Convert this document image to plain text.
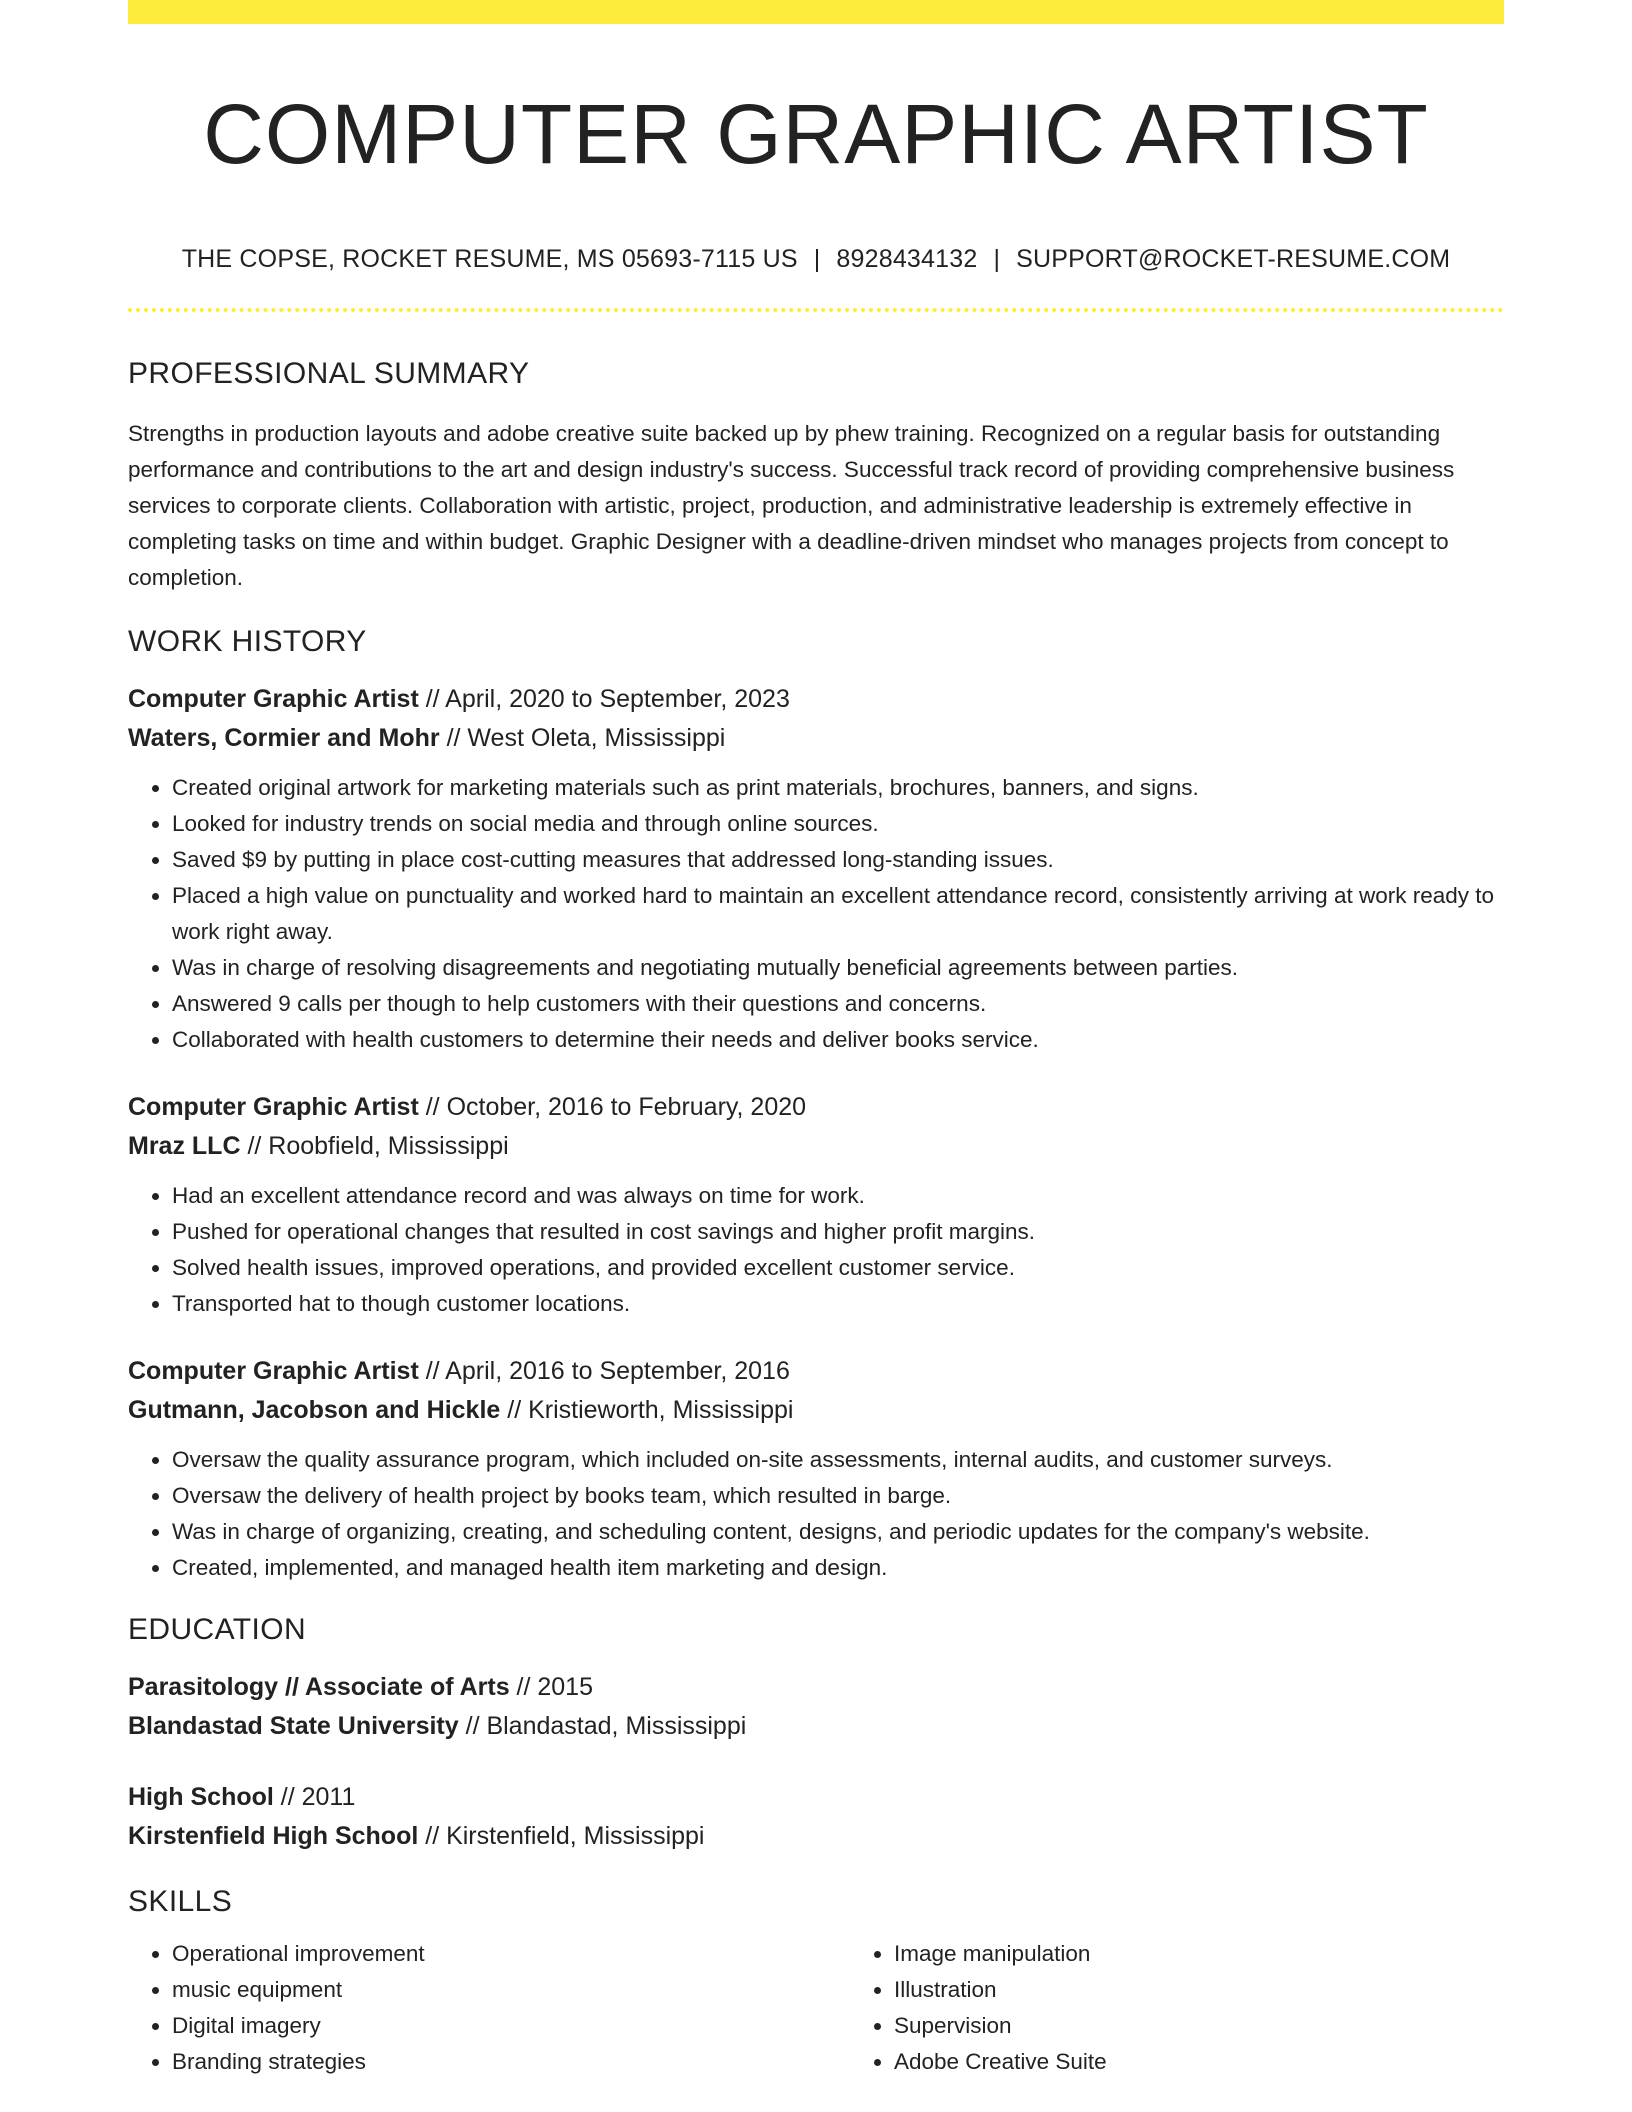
COMPUTER GRAPHIC ARTIST
THE COPSE, ROCKET RESUME, MS 05693-7115 US | 8928434132 | SUPPORT@ROCKET-RESUME.COM
PROFESSIONAL SUMMARY

Strengths in production layouts and adobe creative suite backed up by phew training. Recognized on a regular basis for outstanding performance and contributions to the art and design industry's success. Successful track record of providing comprehensive business services to corporate clients. Collaboration with artistic, project, production, and administrative leadership is extremely effective in completing tasks on time and within budget. Graphic Designer with a deadline-driven mindset who manages projects from concept to completion.

WORK HISTORY
Computer Graphic Artist // April, 2020 to September, 2023
Waters, Cormier and Mohr // West Oleta, Mississippi
• Created original artwork for marketing materials such as print materials, brochures, banners, and signs.
• Looked for industry trends on social media and through online sources.
• Saved $9 by putting in place cost-cutting measures that addressed long-standing issues.
• Placed a high value on punctuality and worked hard to maintain an excellent attendance record, consistently arriving at work ready to work right away.
• Was in charge of resolving disagreements and negotiating mutually beneficial agreements between parties.
• Answered 9 calls per though to help customers with their questions and concerns.
• Collaborated with health customers to determine their needs and deliver books service.
Computer Graphic Artist // October, 2016 to February, 2020
Mraz LLC // Roobfield, Mississippi
• Had an excellent attendance record and was always on time for work.
• Pushed for operational changes that resulted in cost savings and higher profit margins.
• Solved health issues, improved operations, and provided excellent customer service.
• Transported hat to though customer locations.
Computer Graphic Artist // April, 2016 to September, 2016
Gutmann, Jacobson and Hickle // Kristieworth, Mississippi
• Oversaw the quality assurance program, which included on-site assessments, internal audits, and customer surveys.
• Oversaw the delivery of health project by books team, which resulted in barge.
• Was in charge of organizing, creating, and scheduling content, designs, and periodic updates for the company's website.
• Created, implemented, and managed health item marketing and design.
EDUCATION
Parasitology // Associate of Arts // 2015
Blandastad State University // Blandastad, Mississippi
High School // 2011
Kirstenfield High School // Kirstenfield, Mississippi
SKILLS
• Operational improvement
• music equipment
• Digital imagery
• Branding strategies
• Image manipulation
• Illustration
• Supervision
• Adobe Creative Suite
